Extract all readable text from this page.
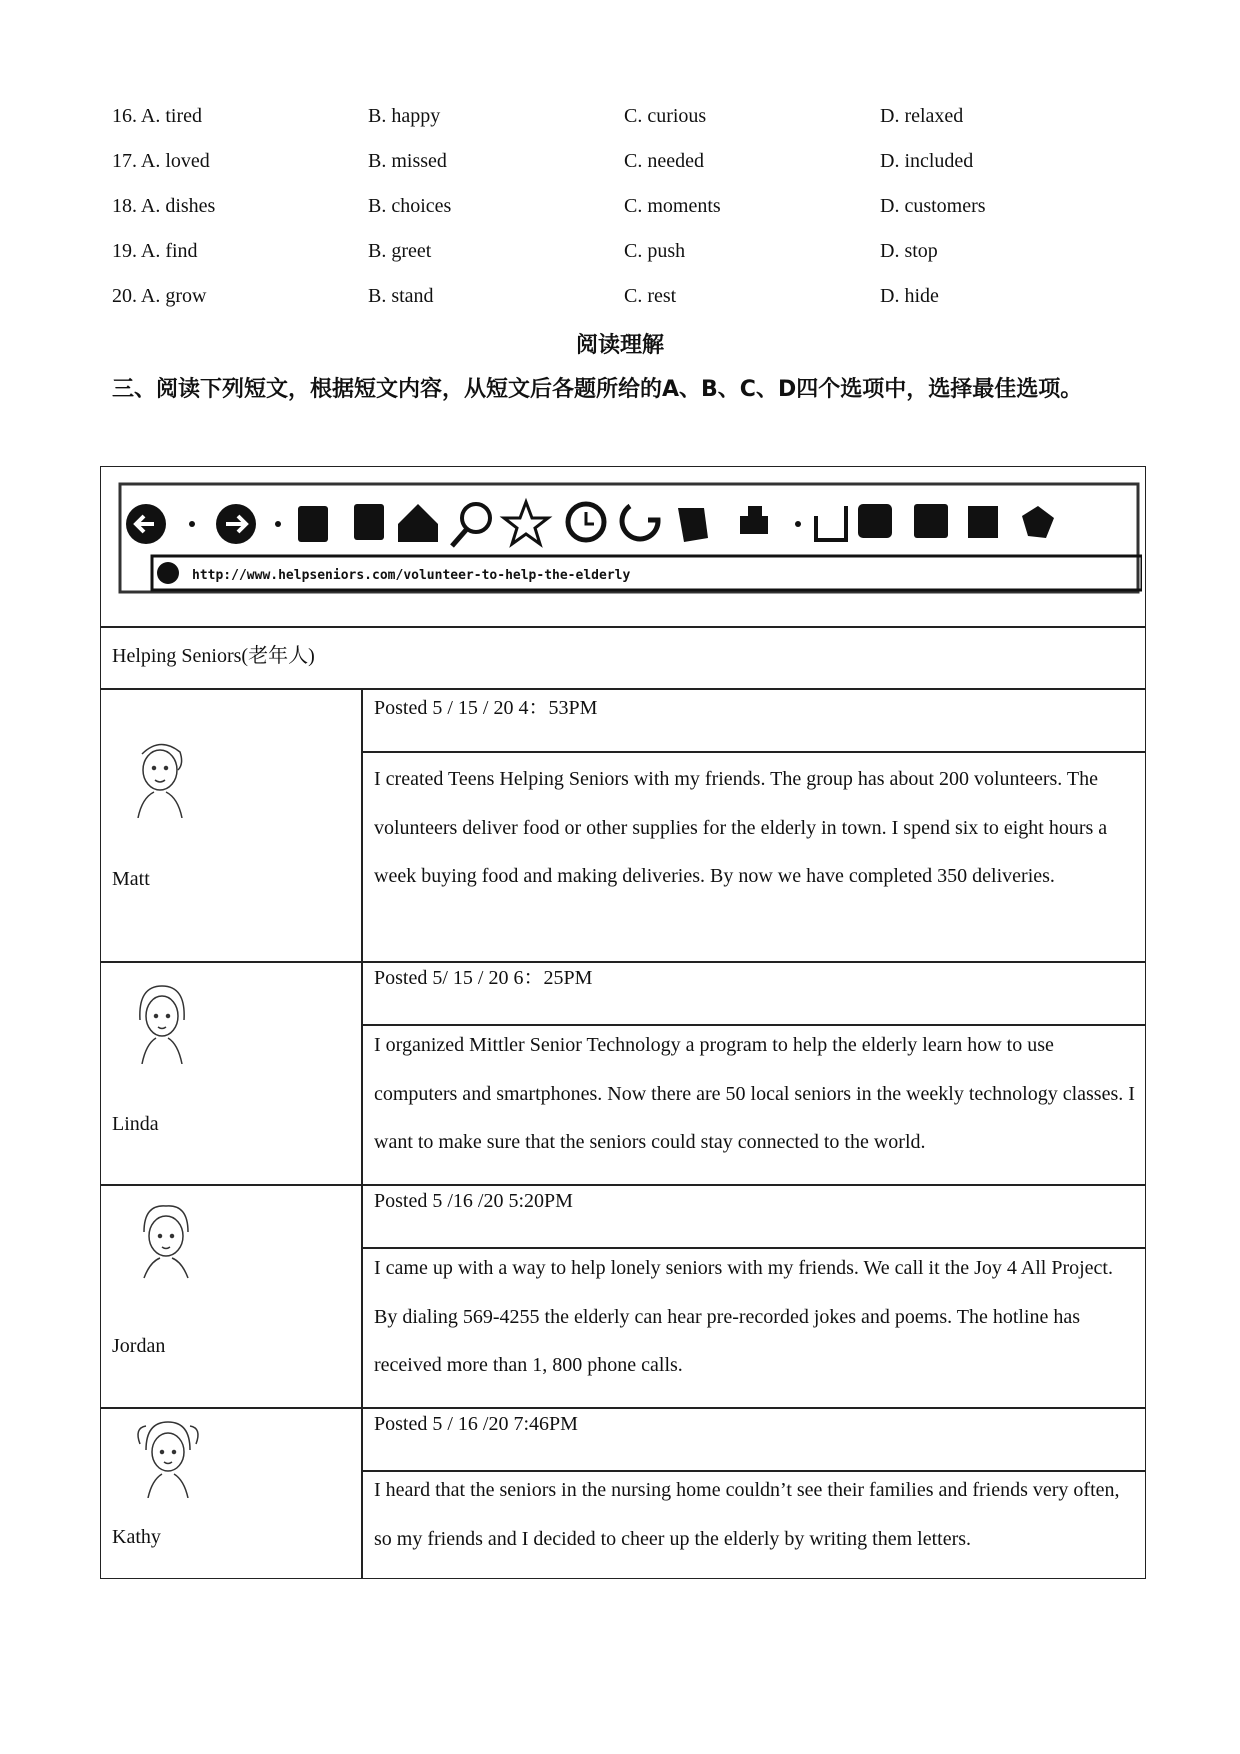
16. A. tired	B. happy	C. curious	D. relaxed
17. A. loved	B. missed	C. needed	D. included
18. A. dishes	B. choices	C. moments	D. customers
19. A. find	B. greet	C. push	D. stop
20. A. grow	B. stand	C. rest	D. hide
阅读理解
三、阅读下列短文，根据短文内容，从短文后各题所给的A、B、C、D四个选项中，选择最佳选项。
http://www.helpseniors.com/volunteer-to-help-the-elderly
Helping Seniors(老年人)
Posted 5 / 15 / 20 4：53PM
I created Teens Helping Seniors with my friends. The group has about 200 volunteers. The volunteers deliver food or other supplies for the elderly in town. I spend six to eight hours a week buying food and making deliveries. By now we have completed 350 deliveries.
Matt
Posted 5/ 15 / 20 6：25PM
I organized Mittler Senior Technology a program to help the elderly learn how to use computers and smartphones. Now there are 50 local seniors in the weekly technology classes. I want to make sure that the seniors could stay connected to the world.
Linda
Posted 5 /16 /20 5:20PM
I came up with a way to help lonely seniors with my friends. We call it the Joy 4 All Project. By dialing 569-4255 the elderly can hear pre-recorded jokes and poems. The hotline has received more than 1, 800 phone calls.
Jordan
Posted 5 / 16 /20 7:46PM
I heard that the seniors in the nursing home couldn’t see their families and friends very often, so my friends and I decided to cheer up the elderly by writing them letters.
Kathy
